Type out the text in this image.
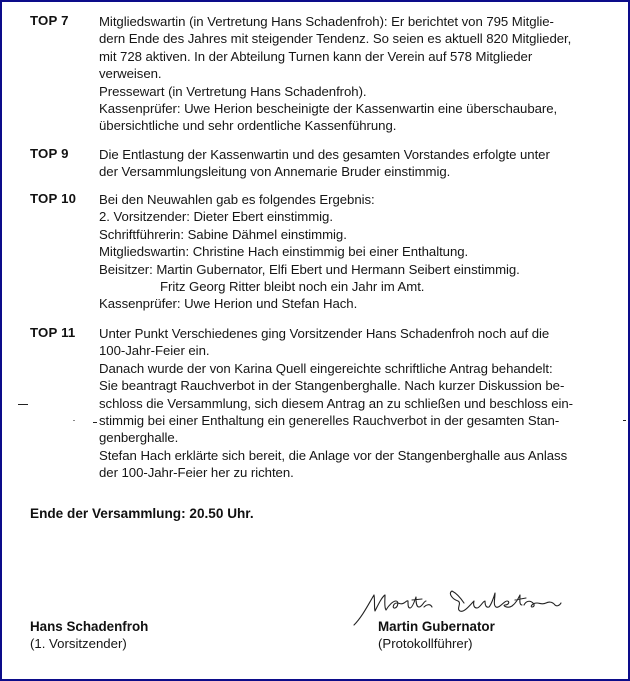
TOP 7 Mitgliedswartin (in Vertretung Hans Schadenfroh): Er berichtet von 795 Mitglie-
dern Ende des Jahres mit steigender Tendenz. So seien es aktuell 820 Mitglieder,
mit 728 aktiven. In der Abteilung Turnen kann der Verein auf 578 Mitglieder
verweisen.
Pressewart (in Vertretung Hans Schadenfroh).
Kassenprüfer: Uwe Herion bescheinigte der Kassenwartin eine überschaubare,
übersichtliche und sehr ordentliche Kassenführung.
TOP 9 Die Entlastung der Kassenwartin und des gesamten Vorstandes erfolgte unter
der Versammlungsleitung von Annemarie Bruder einstimmig.
TOP 10 Bei den Neuwahlen gab es folgendes Ergebnis:
2. Vorsitzender: Dieter Ebert einstimmig.
Schriftführerin: Sabine Dähmel einstimmig.
Mitgliedswartin: Christine Hach einstimmig bei einer Enthaltung.
Beisitzer: Martin Gubernator, Elfi Ebert und Hermann Seibert einstimmig.
Fritz Georg Ritter bleibt noch ein Jahr im Amt.
Kassenprüfer: Uwe Herion und Stefan Hach.
TOP 11 Unter Punkt Verschiedenes ging Vorsitzender Hans Schadenfroh noch auf die
100-Jahr-Feier ein.
Danach wurde der von Karina Quell eingereichte schriftliche Antrag behandelt:
Sie beantragt Rauchverbot in der Stangenberghalle. Nach kurzer Diskussion be-
schloss die Versammlung, sich diesem Antrag an zu schließen und beschloss ein-
stimmig bei einer Enthaltung ein generelles Rauchverbot in der gesamten Stan-
genberghalle.
Stefan Hach erklärte sich bereit, die Anlage vor der Stangenberghalle aus Anlass
der 100-Jahr-Feier her zu richten.
Ende der Versammlung: 20.50 Uhr.
Hans Schadenfroh
(1. Vorsitzender)
Martin Gubernator
(Protokollführer)
